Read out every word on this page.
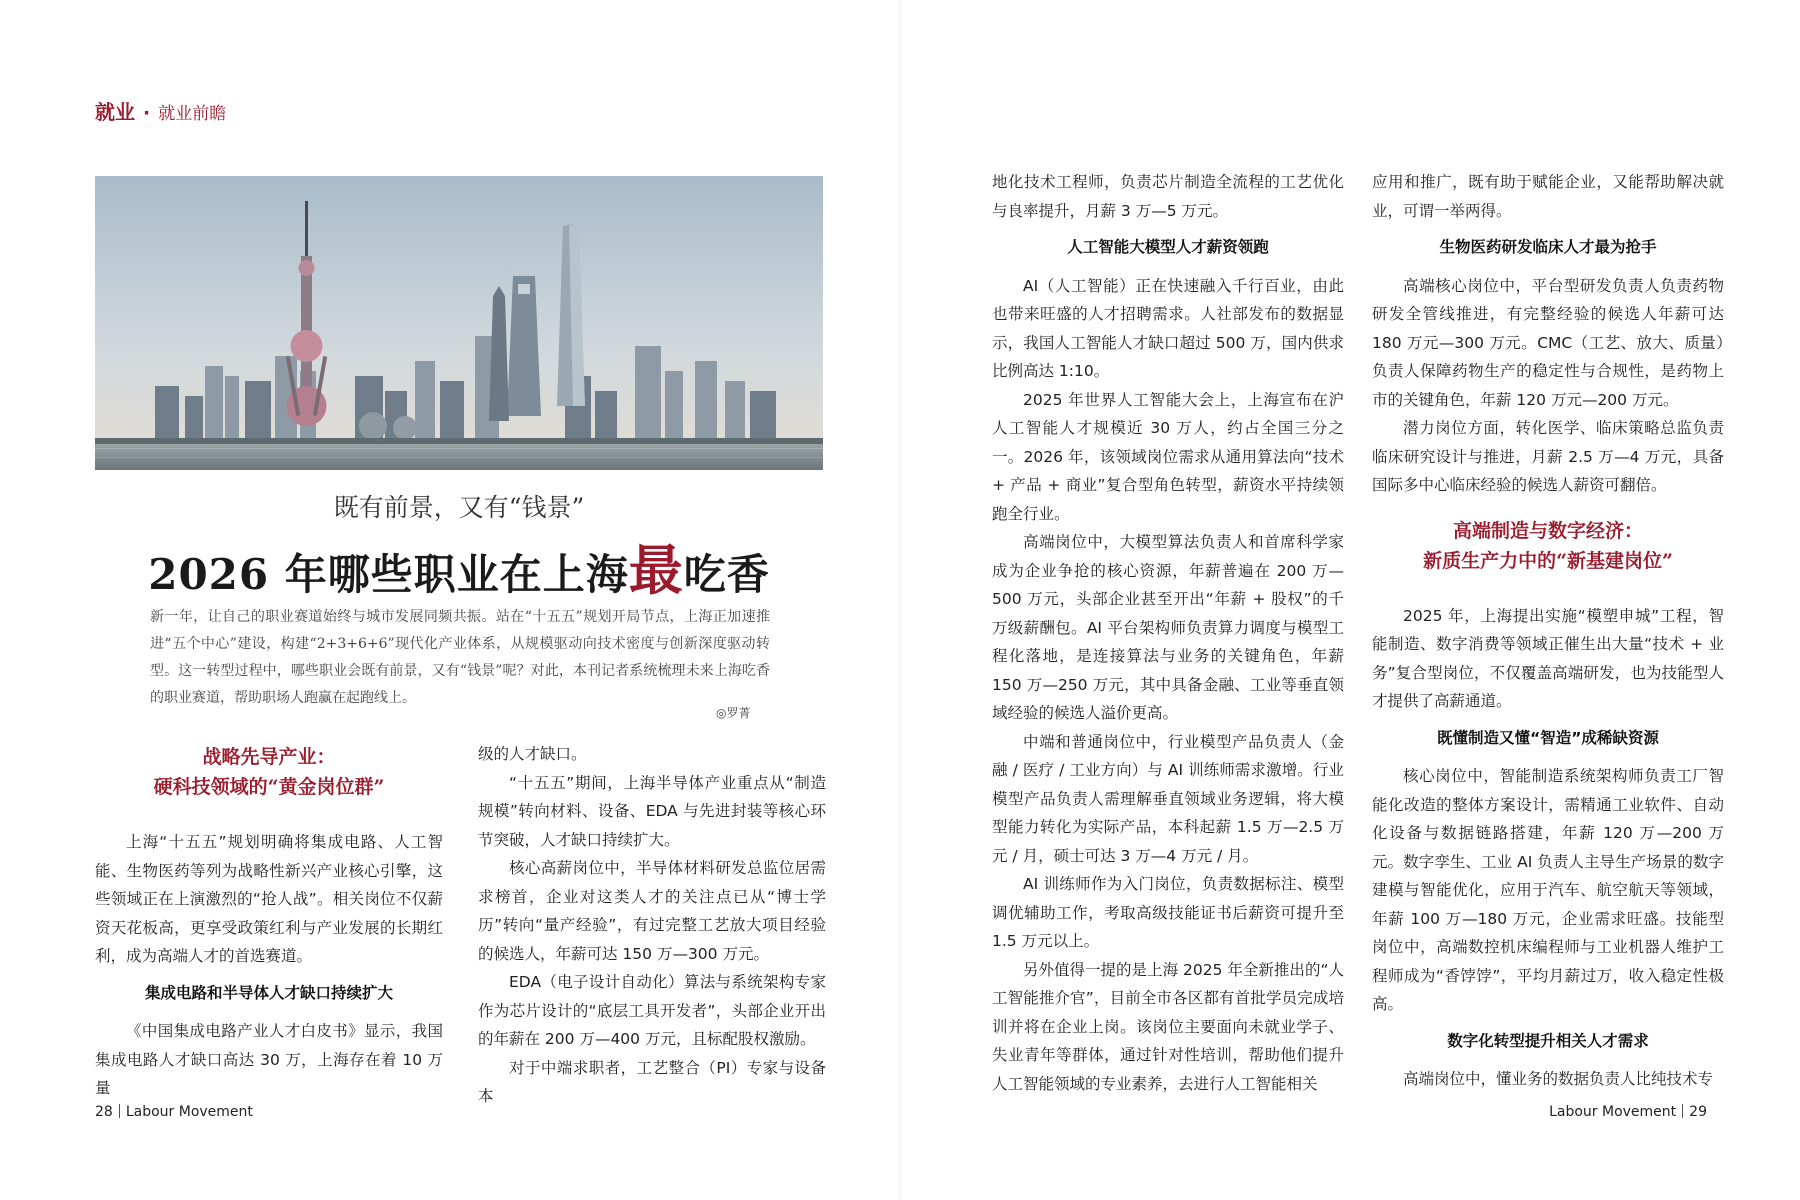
就业 · 就业前瞻
既有前景，又有“钱景”
2026 年哪些职业在上海最吃香
新一年，让自己的职业赛道始终与城市发展同频共振。站在“十五五”规划开局节点，上海正加速推进“五个中心”建设，构建“2+3+6+6”现代化产业体系，从规模驱动向技术密度与创新深度驱动转型。这一转型过程中，哪些职业会既有前景，又有“钱景”呢？对此，本刊记者系统梳理未来上海吃香的职业赛道，帮助职场人跑赢在起跑线上。
◎罗菁
战略先导产业：
硬科技领域的“黄金岗位群”

上海“十五五”规划明确将集成电路、人工智能、生物医药等列为战略性新兴产业核心引擎，这些领域正在上演激烈的“抢人战”。相关岗位不仅薪资天花板高，更享受政策红利与产业发展的长期红利，成为高端人才的首选赛道。

集成电路和半导体人才缺口持续扩大

《中国集成电路产业人才白皮书》显示，我国集成电路人才缺口高达 30 万，上海存在着 10 万量

级的人才缺口。

“十五五”期间，上海半导体产业重点从“制造规模”转向材料、设备、EDA 与先进封装等核心环节突破，人才缺口持续扩大。

核心高薪岗位中，半导体材料研发总监位居需求榜首，企业对这类人才的关注点已从“博士学历”转向“量产经验”，有过完整工艺放大项目经验的候选人，年薪可达 150 万—300 万元。

EDA（电子设计自动化）算法与系统架构专家作为芯片设计的“底层工具开发者”，头部企业开出的年薪在 200 万—400 万元，且标配股权激励。

对于中端求职者，工艺整合（PI）专家与设备本

28 Labour Movement

地化技术工程师，负责芯片制造全流程的工艺优化与良率提升，月薪 3 万—5 万元。

人工智能大模型人才薪资领跑

AI（人工智能）正在快速融入千行百业，由此也带来旺盛的人才招聘需求。人社部发布的数据显示，我国人工智能人才缺口超过 500 万，国内供求比例高达 1:10。

2025 年世界人工智能大会上，上海宣布在沪人工智能人才规模近 30 万人，约占全国三分之一。2026 年，该领域岗位需求从通用算法向“技术 + 产品 + 商业”复合型角色转型，薪资水平持续领跑全行业。

高端岗位中，大模型算法负责人和首席科学家成为企业争抢的核心资源，年薪普遍在 200 万—500 万元，头部企业甚至开出“年薪 + 股权”的千万级薪酬包。AI 平台架构师负责算力调度与模型工程化落地，是连接算法与业务的关键角色，年薪 150 万—250 万元，其中具备金融、工业等垂直领域经验的候选人溢价更高。

中端和普通岗位中，行业模型产品负责人（金融 / 医疗 / 工业方向）与 AI 训练师需求激增。行业模型产品负责人需理解垂直领域业务逻辑，将大模型能力转化为实际产品，本科起薪 1.5 万—2.5 万元 / 月，硕士可达 3 万—4 万元 / 月。

AI 训练师作为入门岗位，负责数据标注、模型调优辅助工作，考取高级技能证书后薪资可提升至 1.5 万元以上。

另外值得一提的是上海 2025 年全新推出的“人工智能推介官”，目前全市各区都有首批学员完成培训并将在企业上岗。该岗位主要面向未就业学子、失业青年等群体，通过针对性培训，帮助他们提升人工智能领域的专业素养，去进行人工智能相关

应用和推广，既有助于赋能企业，又能帮助解决就业，可谓一举两得。

生物医药研发临床人才最为抢手

高端核心岗位中，平台型研发负责人负责药物研发全管线推进，有完整经验的候选人年薪可达 180 万元—300 万元。CMC（工艺、放大、质量）负责人保障药物生产的稳定性与合规性，是药物上市的关键角色，年薪 120 万元—200 万元。

潜力岗位方面，转化医学、临床策略总监负责临床研究设计与推进，月薪 2.5 万—4 万元，具备国际多中心临床经验的候选人薪资可翻倍。

高端制造与数字经济：
新质生产力中的“新基建岗位”

2025 年，上海提出实施“模塑申城”工程，智能制造、数字消费等领域正催生出大量“技术 + 业务”复合型岗位，不仅覆盖高端研发，也为技能型人才提供了高薪通道。

既懂制造又懂“智造”成稀缺资源

核心岗位中，智能制造系统架构师负责工厂智能化改造的整体方案设计，需精通工业软件、自动化设备与数据链路搭建，年薪 120 万—200 万元。数字孪生、工业 AI 负责人主导生产场景的数字建模与智能优化，应用于汽车、航空航天等领域，年薪 100 万—180 万元，企业需求旺盛。技能型岗位中，高端数控机床编程师与工业机器人维护工程师成为“香饽饽”，平均月薪过万，收入稳定性极高。

数字化转型提升相关人才需求

高端岗位中，懂业务的数据负责人比纯技术专

Labour Movement 29
